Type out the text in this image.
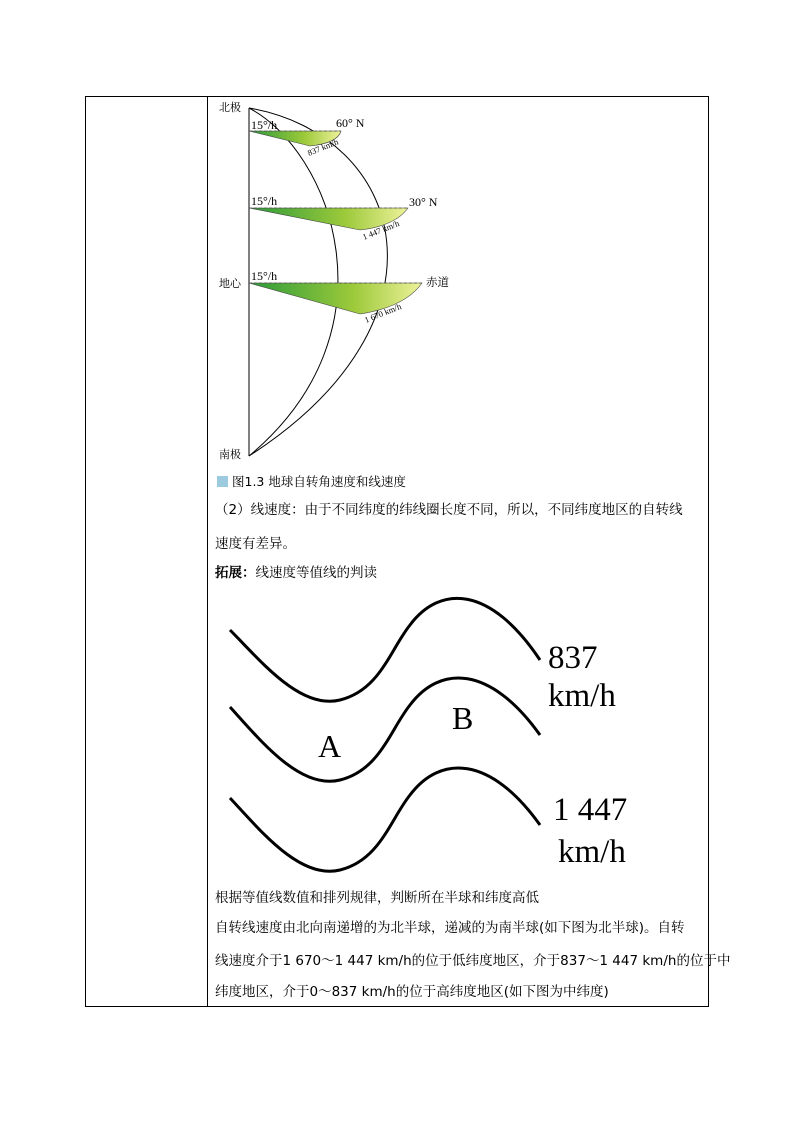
北极
地心
南极
60° N
30° N
赤道
15°/h
15°/h
15°/h
837 km/h
1 447 km/h
1 670 km/h
图1.3 地球自转角速度和线速度
（2）线速度：由于不同纬度的纬线圈长度不同，所以，不同纬度地区的自转线
速度有差异。
拓展：线速度等值线的判读
A
B
837
km/h
1 447
km/h
根据等值线数值和排列规律，判断所在半球和纬度高低
自转线速度由北向南递增的为北半球，递减的为南半球(如下图为北半球)。自转
线速度介于1 670～1 447 km/h的位于低纬度地区，介于837～1 447 km/h的位于中
纬度地区，介于0～837 km/h的位于高纬度地区(如下图为中纬度)
